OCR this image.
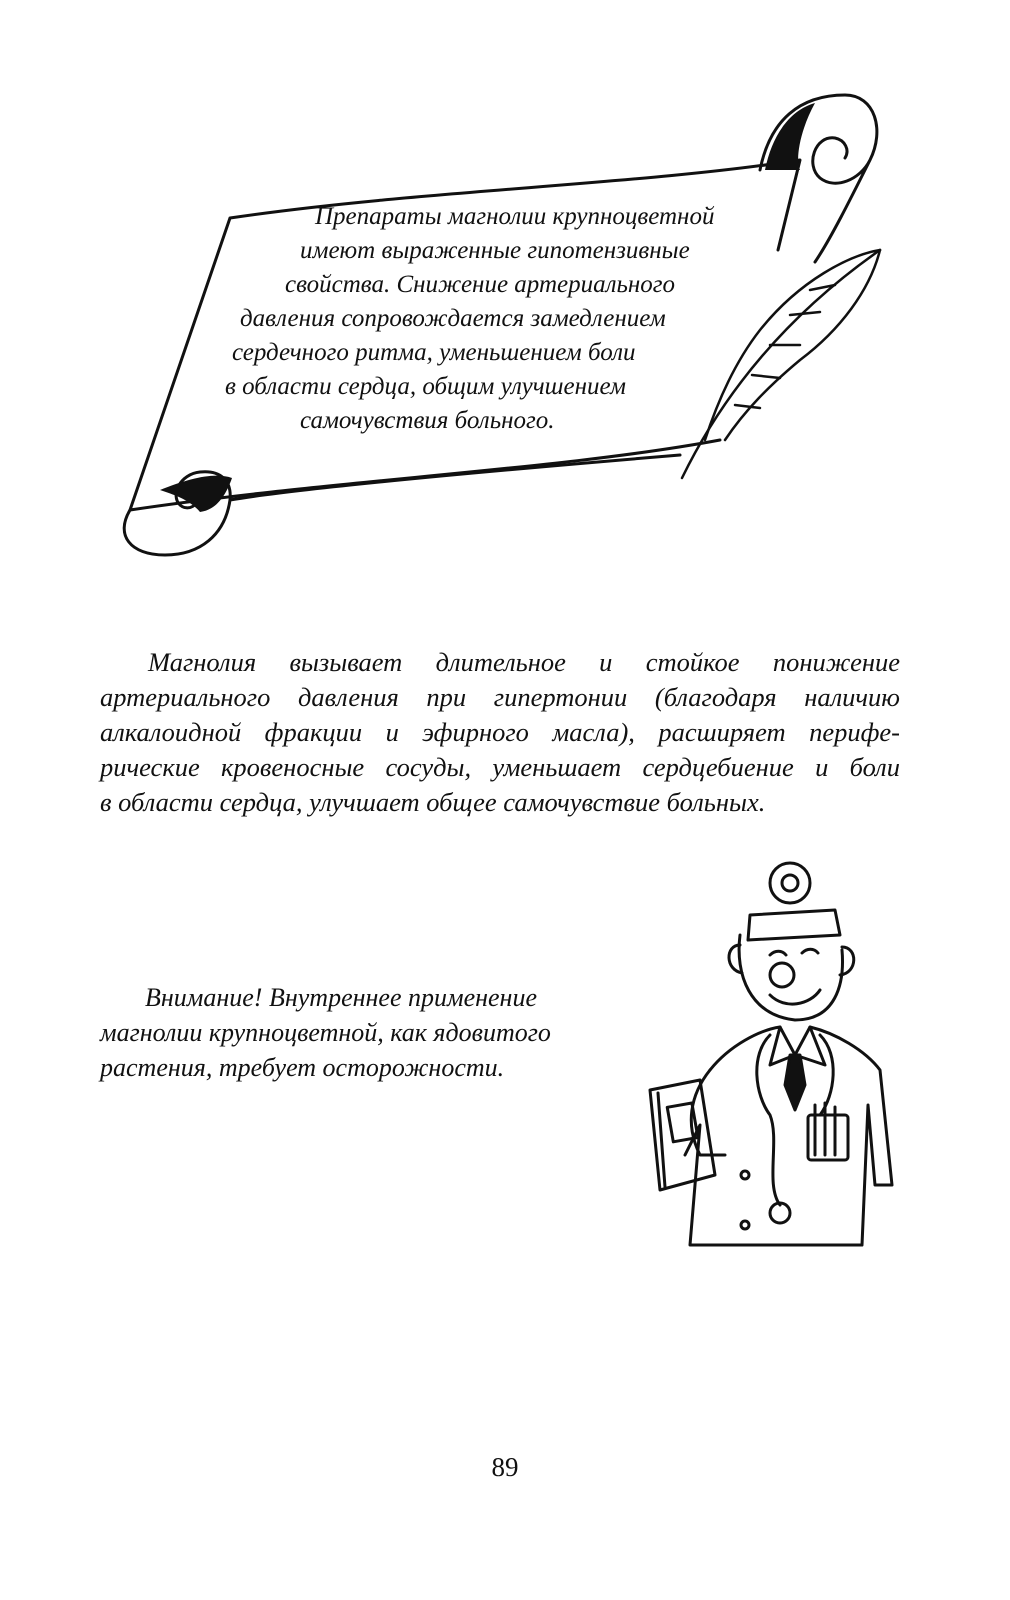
Препараты магнолии крупноцветной
имеют выраженные гипотензивные
свойства. Снижение артериального
давления сопровождается замедлением
сердечного ритма, уменьшением боли
в области сердца, общим улучшением
самочувствия больного.
Магнолия вызывает длительное и стойкое понижение
артериального давления при гипертонии (благодаря наличию
алкалоидной фракции и эфирного масла), расширяет перифе-
рические кровеносные сосуды, уменьшает сердцебиение и боли
в области сердца, улучшает общее самочувствие больных.
Внимание! Внутреннее применение
магнолии крупноцветной, как ядовитого
растения, требует осторожности.
89
